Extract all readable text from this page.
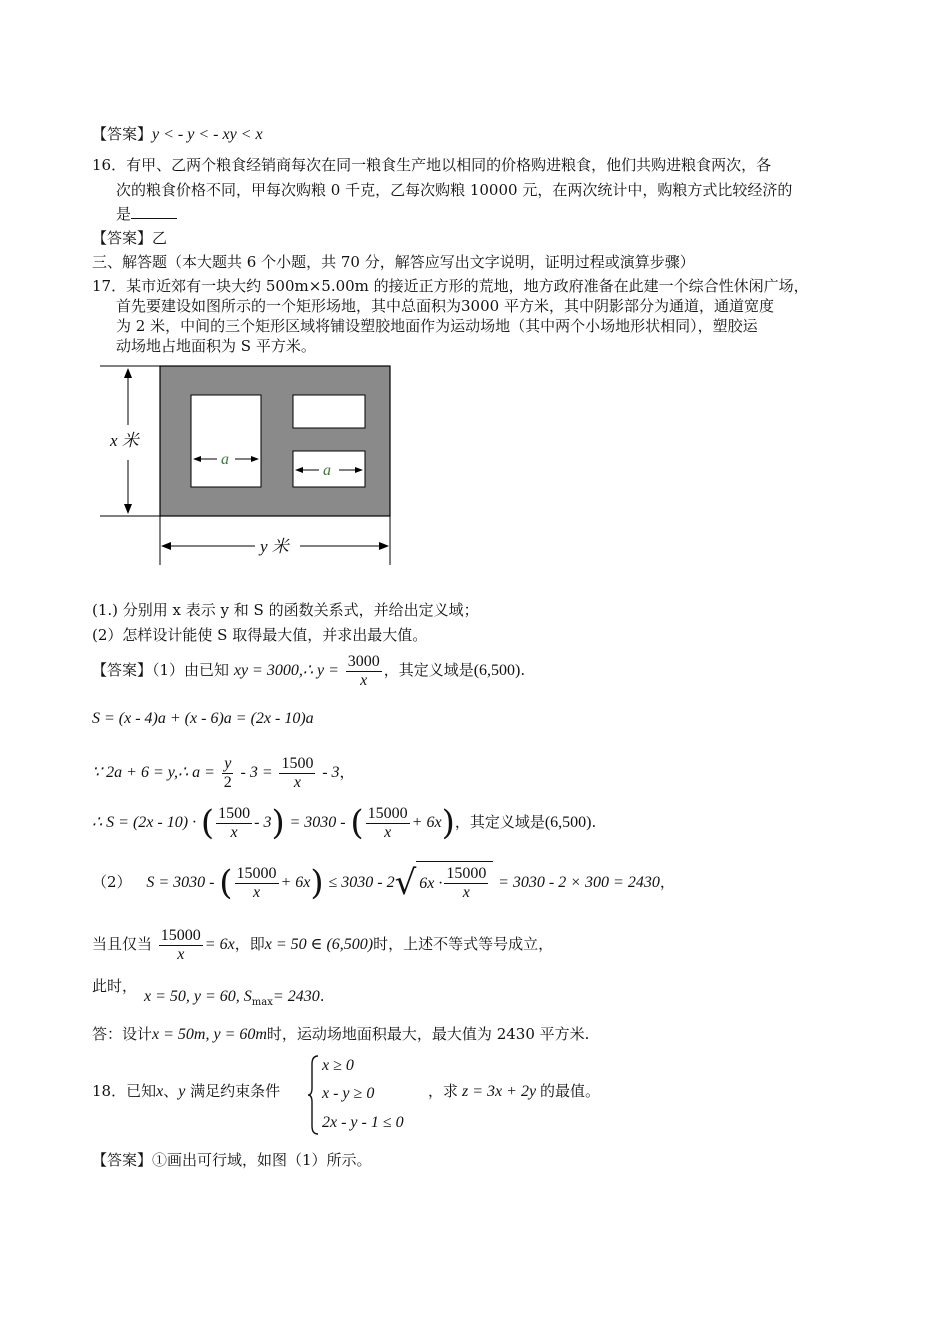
【答案】y < - y < - xy < x
16．有甲、乙两个粮食经销商每次在同一粮食生产地以相同的价格购进粮食，他们共购进粮食两次，各
次的粮食价格不同，甲每次购粮 0 千克，乙每次购粮 10000 元，在两次统计中，购粮方式比较经济的
是
【答案】乙
三、解答题（本大题共 6 个小题，共 70 分，解答应写出文字说明，证明过程或演算步骤）
17．某市近郊有一块大约 500m×5.00m 的接近正方形的荒地，地方政府准备在此建一个综合性休闲广场，
首先要建设如图所示的一个矩形场地，其中总面积为3000 平方米，其中阴影部分为通道，通道宽度
为 2 米，中间的三个矩形区域将铺设塑胶地面作为运动场地（其中两个小场地形状相同），塑胶运
动场地占地面积为 S 平方米。
x 米
y 米
a
a
(1.) 分别用 x 表示 y 和 S 的函数关系式，并给出定义域；
(2）怎样设计能使 S 取得最大值，并求出最大值。
【答案】（1）由已知 xy = 3000,∴ $y = \frac{3000}{x}$ ，其定义域是(6,500).
S = (x - 4)a + (x - 6)a = (2x - 10)a
∵ 2a + 6 = y,∴ $a = \frac{y}{2} - 3 = \frac{1500}{x} - 3$，
∴ S = (2x - 10) · ( $\frac{1500}{x} - 3) = 3030$ - ( $\frac{15000}{x} + 6x$)，其定义域是(6,500).
（2） S = 3030 - ( $\frac{15000}{x} + 6x) \le 3030 - 2$ √ $6x \cdot \frac{15000}{x} = 3030 - 2 \times 300 = 2430$，
当且仅当 $\frac{15000}{x} = 6x$，即x = 50 ∈ (6,500)时，上述不等式等号成立，
此时，
x = 50, y = 60, $S_{max}= 2430$.
答：设计x = 50m, y = 60m时，运动场地面积最大，最大值为 2430 平方米.
18．已知x、y 满足约束条件
x ≥ 0
x - y ≥ 0
2x - y - 1 ≤ 0
，求 z = 3x + 2y 的最值。
【答案】①画出可行域，如图（1）所示。
